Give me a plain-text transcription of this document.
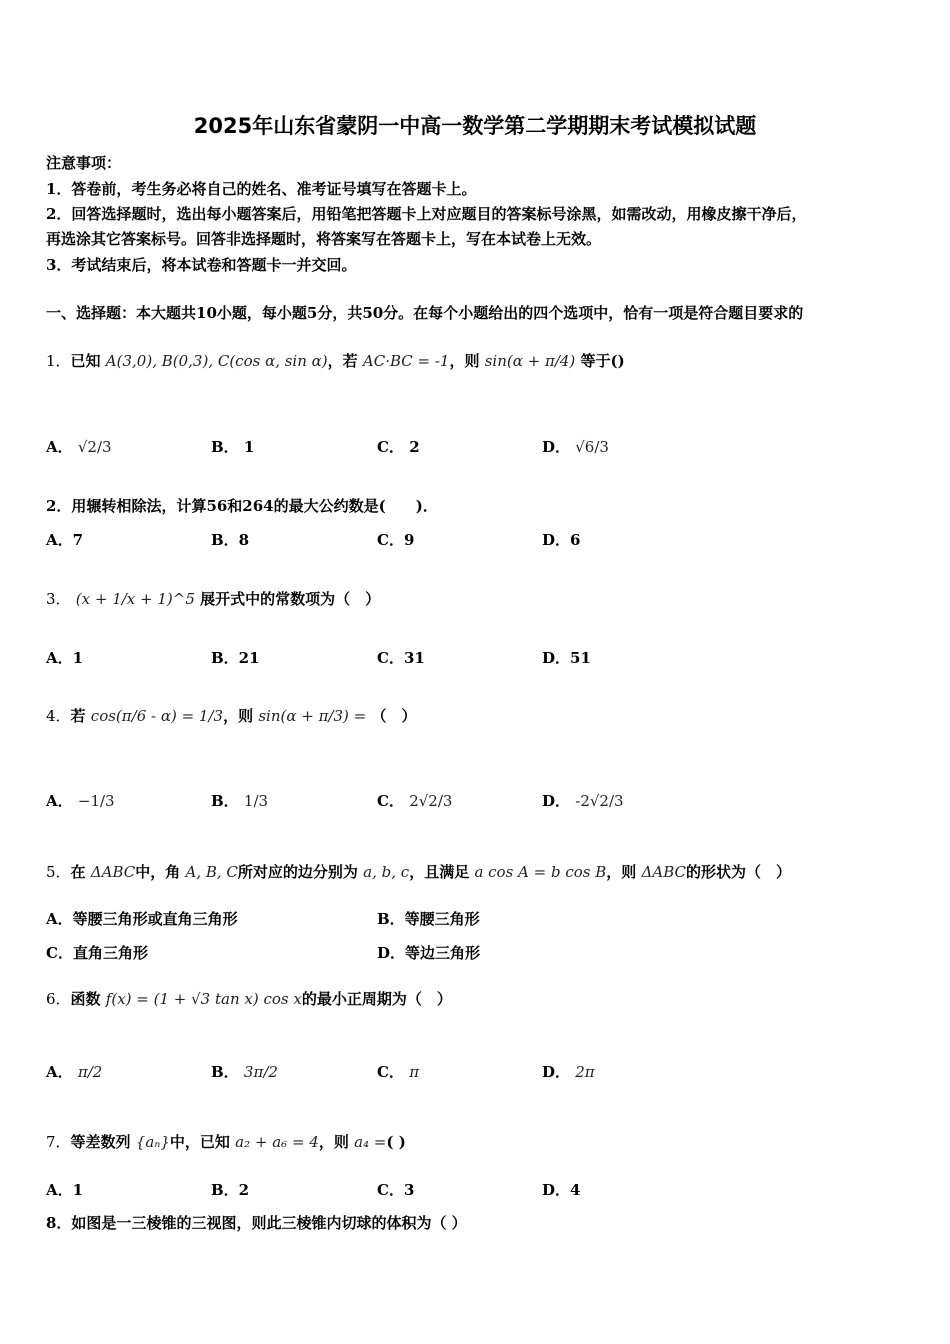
2025年山东省蒙阴一中高一数学第二学期期末考试模拟试题
注意事项：
1．答卷前，考生务必将自己的姓名、准考证号填写在答题卡上。
2．回答选择题时，选出每小题答案后，用铅笔把答题卡上对应题目的答案标号涂黑，如需改动，用橡皮擦干净后，
再选涂其它答案标号。回答非选择题时，将答案写在答题卡上，写在本试卷上无效。
3．考试结束后，将本试卷和答题卡一并交回。
一、选择题：本大题共10小题，每小题5分，共50分。在每个小题给出的四个选项中，恰有一项是符合题目要求的
1．已知 A(3,0), B(0,3), C(cos α, sin α)，若 AC·BC = -1，则 sin(α + π/4) 等于()
A． √2/3	B． 1	C． 2	D． √6/3
2．用辗转相除法，计算56和264的最大公约数是(　　)．
A．7	B．8	C．9	D．6
3． (x + 1/x + 1)^5 展开式中的常数项为（　）
A．1	B．21	C．31	D．51
4．若 cos(π/6 - α) = 1/3，则 sin(α + π/3) = （　）
A． −1/3	B． 1/3	C． 2√2/3	D． -2√2/3
5．在 ΔABC中，角 A, B, C所对应的边分别为 a, b, c，且满足 a cos A = b cos B，则 ΔABC的形状为（　）
A．等腰三角形或直角三角形	B．等腰三角形
C．直角三角形	D．等边三角形
6．函数 f(x) = (1 + √3 tan x) cos x的最小正周期为（　）
A． π/2	B． 3π/2	C． π	D． 2π
7．等差数列 {aₙ}中，已知 a₂ + a₆ = 4，则 a₄ =( )
A．1	B．2	C．3	D．4
8．如图是一三棱锥的三视图，则此三棱锥内切球的体积为（ ）
